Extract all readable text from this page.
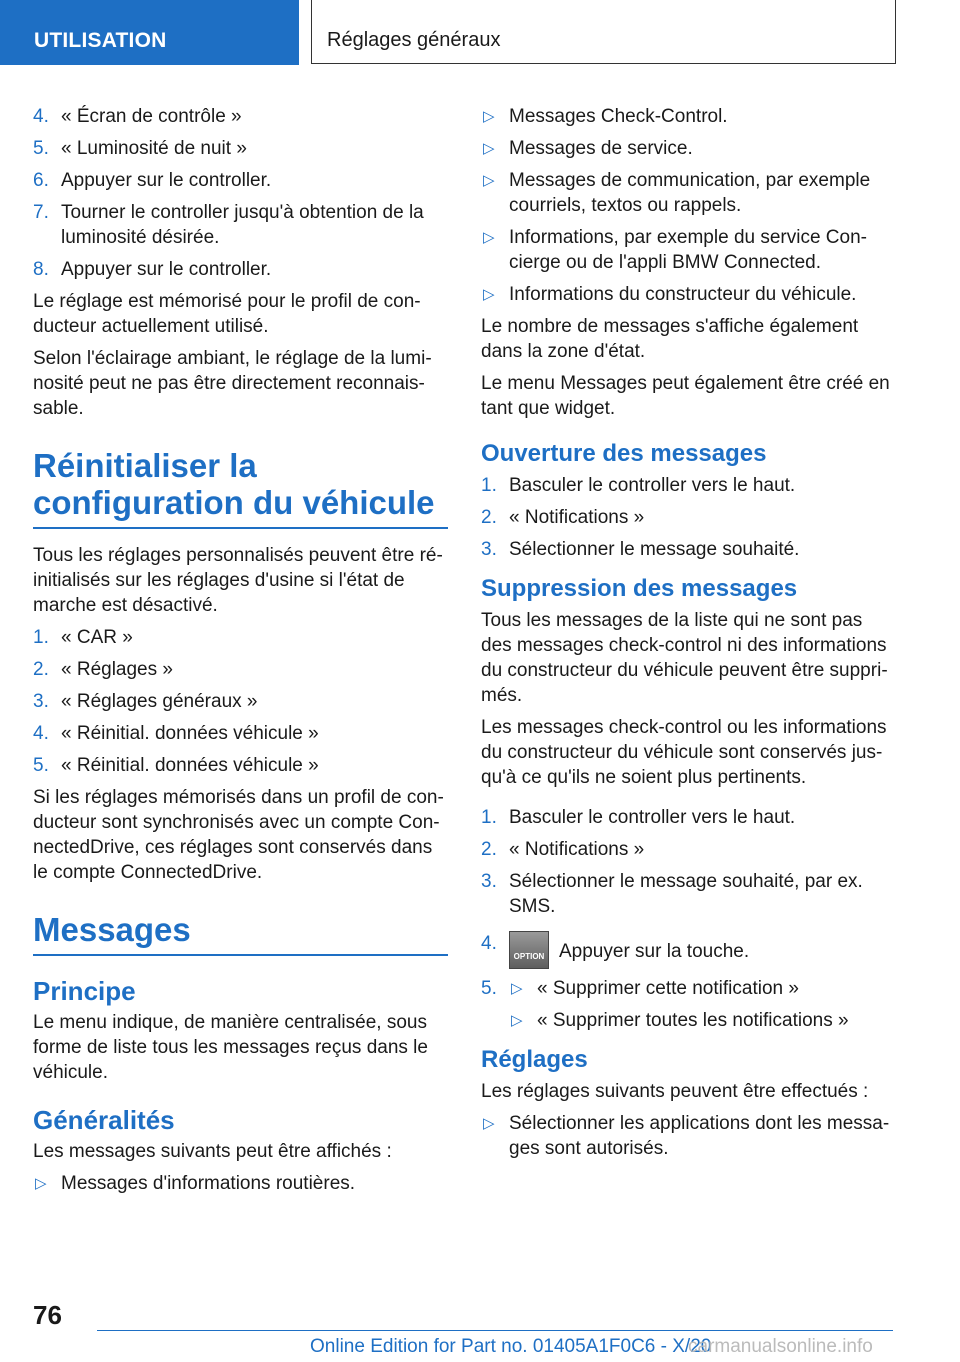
UTILISATION	Réglages généraux
4. « Écran de contrôle »
5. « Luminosité de nuit »
6. Appuyer sur le controller.
7. Tourner le controller jusqu'à obtention de la luminosité désirée.
8. Appuyer sur le controller.

Le réglage est mémorisé pour le profil de conducteur actuellement utilisé.

Selon l'éclairage ambiant, le réglage de la luminosité peut ne pas être directement reconnaissable.

Réinitialiser la configuration du véhicule

Tous les réglages personnalisés peuvent être réinitialisés sur les réglages d'usine si l'état de marche est désactivé.

1. « CAR »
2. « Réglages »
3. « Réglages généraux »
4. « Réinitial. données véhicule »
5. « Réinitial. données véhicule »

Si les réglages mémorisés dans un profil de conducteur sont synchronisés avec un compte ConnectedDrive, ces réglages sont conservés dans le compte ConnectedDrive.

Messages
Principe

Le menu indique, de manière centralisée, sous forme de liste tous les messages reçus dans le véhicule.

Généralités

Les messages suivants peut être affichés :

▷ Messages d'informations routières.
▷ Messages Check-Control.
▷ Messages de service.
▷ Messages de communication, par exemple courriels, textos ou rappels.
▷ Informations, par exemple du service Concierge ou de l'appli BMW Connected.
▷ Informations du constructeur du véhicule.

Le nombre de messages s'affiche également dans la zone d'état.

Le menu Messages peut également être créé en tant que widget.

Ouverture des messages
1. Basculer le controller vers le haut.
2. « Notifications »
3. Sélectionner le message souhaité.
Suppression des messages

Tous les messages de la liste qui ne sont pas des messages check-control ni des informations du constructeur du véhicule peuvent être supprimés.

Les messages check-control ou les informations du constructeur du véhicule sont conservés jusqu'à ce qu'ils ne soient plus pertinents.

1. Basculer le controller vers le haut.
2. « Notifications »
3. Sélectionner le message souhaité, par ex. SMS.
4.
OPTION Appuyer sur la touche.
5. ▷ « Supprimer cette notification »
▷ « Supprimer toutes les notifications »
Réglages

Les réglages suivants peuvent être effectués :

▷ Sélectionner les applications dont les messages sont autorisés.
76
Online Edition for Part no. 01405A1F0C6 - X/20
carmanualsonline.info
